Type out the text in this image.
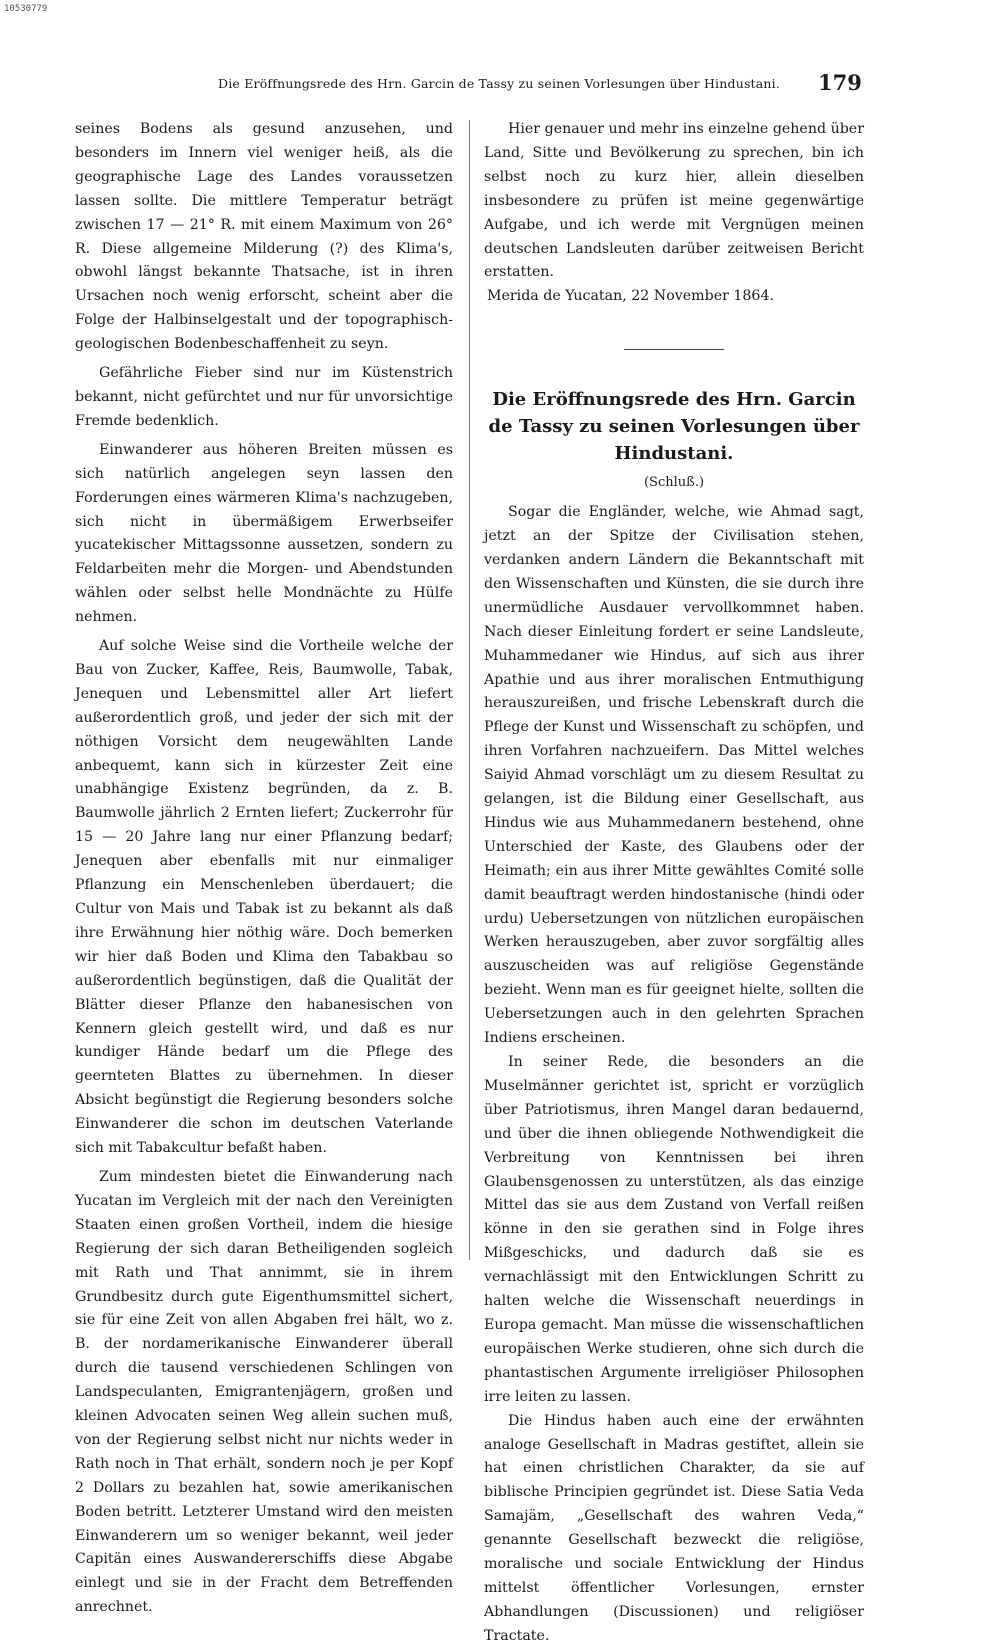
10530779
Die Eröffnungsrede des Hrn. Garcin de Tassy zu seinen Vorlesungen über Hindustani. 179

seines Bodens als gesund anzusehen, und besonders im Innern viel weniger heiß, als die geographische Lage des Landes voraussetzen lassen sollte. Die mittlere Temperatur beträgt zwischen 17 — 21° R. mit einem Maximum von 26° R. Diese allgemeine Milderung (?) des Klima's, obwohl längst bekannte Thatsache, ist in ihren Ursachen noch wenig erforscht, scheint aber die Folge der Halbinselgestalt und der topographisch-geologischen Bodenbeschaffenheit zu seyn.

Gefährliche Fieber sind nur im Küstenstrich bekannt, nicht gefürchtet und nur für unvorsichtige Fremde bedenklich.

Einwanderer aus höheren Breiten müssen es sich natürlich angelegen seyn lassen den Forderungen eines wärmeren Klima's nachzugeben, sich nicht in übermäßigem Erwerbseifer yucatekischer Mittagssonne aussetzen, sondern zu Feldarbeiten mehr die Morgen- und Abendstunden wählen oder selbst helle Mondnächte zu Hülfe nehmen.

Auf solche Weise sind die Vortheile welche der Bau von Zucker, Kaffee, Reis, Baumwolle, Tabak, Jenequen und Lebensmittel aller Art liefert außerordentlich groß, und jeder der sich mit der nöthigen Vorsicht dem neugewählten Lande anbequemt, kann sich in kürzester Zeit eine unabhängige Existenz begründen, da z. B. Baumwolle jährlich 2 Ernten liefert; Zuckerrohr für 15 — 20 Jahre lang nur einer Pflanzung bedarf; Jenequen aber ebenfalls mit nur einmaliger Pflanzung ein Menschenleben überdauert; die Cultur von Mais und Tabak ist zu bekannt als daß ihre Erwähnung hier nöthig wäre. Doch bemerken wir hier daß Boden und Klima den Tabakbau so außerordentlich begünstigen, daß die Qualität der Blätter dieser Pflanze den habanesischen von Kennern gleich gestellt wird, und daß es nur kundiger Hände bedarf um die Pflege des geernteten Blattes zu übernehmen. In dieser Absicht begünstigt die Regierung besonders solche Einwanderer die schon im deutschen Vaterlande sich mit Tabakcultur befaßt haben.

Zum mindesten bietet die Einwanderung nach Yucatan im Vergleich mit der nach den Vereinigten Staaten einen großen Vortheil, indem die hiesige Regierung der sich daran Betheiligenden sogleich mit Rath und That annimmt, sie in ihrem Grundbesitz durch gute Eigenthumsmittel sichert, sie für eine Zeit von allen Abgaben frei hält, wo z. B. der nordamerikanische Einwanderer überall durch die tausend verschiedenen Schlingen von Landspeculanten, Emigrantenjägern, großen und kleinen Advocaten seinen Weg allein suchen muß, von der Regierung selbst nicht nur nichts weder in Rath noch in That erhält, sondern noch je per Kopf 2 Dollars zu bezahlen hat, sowie amerikanischen Boden betritt. Letzterer Umstand wird den meisten Einwanderern um so weniger bekannt, weil jeder Capitän eines Auswandererschiffs diese Abgabe einlegt und sie in der Fracht dem Betreffenden anrechnet.

Hier genauer und mehr ins einzelne gehend über Land, Sitte und Bevölkerung zu sprechen, bin ich selbst noch zu kurz hier, allein dieselben insbesondere zu prüfen ist meine gegenwärtige Aufgabe, und ich werde mit Vergnügen meinen deutschen Landsleuten darüber zeitweisen Bericht erstatten.

Merida de Yucatan, 22 November 1864.

Die Eröffnungsrede des Hrn. Garcin de Tassy zu seinen Vorlesungen über Hindustani.
(Schluß.)

Sogar die Engländer, welche, wie Ahmad sagt, jetzt an der Spitze der Civilisation stehen, verdanken andern Ländern die Bekanntschaft mit den Wissenschaften und Künsten, die sie durch ihre unermüdliche Ausdauer vervollkommnet haben. Nach dieser Einleitung fordert er seine Landsleute, Muhammedaner wie Hindus, auf sich aus ihrer Apathie und aus ihrer moralischen Entmuthigung herauszureißen, und frische Lebenskraft durch die Pflege der Kunst und Wissenschaft zu schöpfen, und ihren Vorfahren nachzueifern. Das Mittel welches Saiyid Ahmad vorschlägt um zu diesem Resultat zu gelangen, ist die Bildung einer Gesellschaft, aus Hindus wie aus Muhammedanern bestehend, ohne Unterschied der Kaste, des Glaubens oder der Heimath; ein aus ihrer Mitte gewähltes Comité solle damit beauftragt werden hindostanische (hindi oder urdu) Uebersetzungen von nützlichen europäischen Werken herauszugeben, aber zuvor sorgfältig alles auszuscheiden was auf religiöse Gegenstände bezieht. Wenn man es für geeignet hielte, sollten die Uebersetzungen auch in den gelehrten Sprachen Indiens erscheinen.

In seiner Rede, die besonders an die Muselmänner gerichtet ist, spricht er vorzüglich über Patriotismus, ihren Mangel daran bedauernd, und über die ihnen obliegende Nothwendigkeit die Verbreitung von Kenntnissen bei ihren Glaubensgenossen zu unterstützen, als das einzige Mittel das sie aus dem Zustand von Verfall reißen könne in den sie gerathen sind in Folge ihres Mißgeschicks, und dadurch daß sie es vernachlässigt mit den Entwicklungen Schritt zu halten welche die Wissenschaft neuerdings in Europa gemacht. Man müsse die wissenschaftlichen europäischen Werke studieren, ohne sich durch die phantastischen Argumente irreligiöser Philosophen irre leiten zu lassen.

Die Hindus haben auch eine der erwähnten analoge Gesellschaft in Madras gestiftet, allein sie hat einen christlichen Charakter, da sie auf biblische Principien gegründet ist. Diese Satia Veda Samajäm, „Gesellschaft des wahren Veda,“ genannte Gesellschaft bezweckt die religiöse, moralische und sociale Entwicklung der Hindus mittelst öffentlicher Vorlesungen, ernster Abhandlungen (Discussionen) und religiöser Tractate.
